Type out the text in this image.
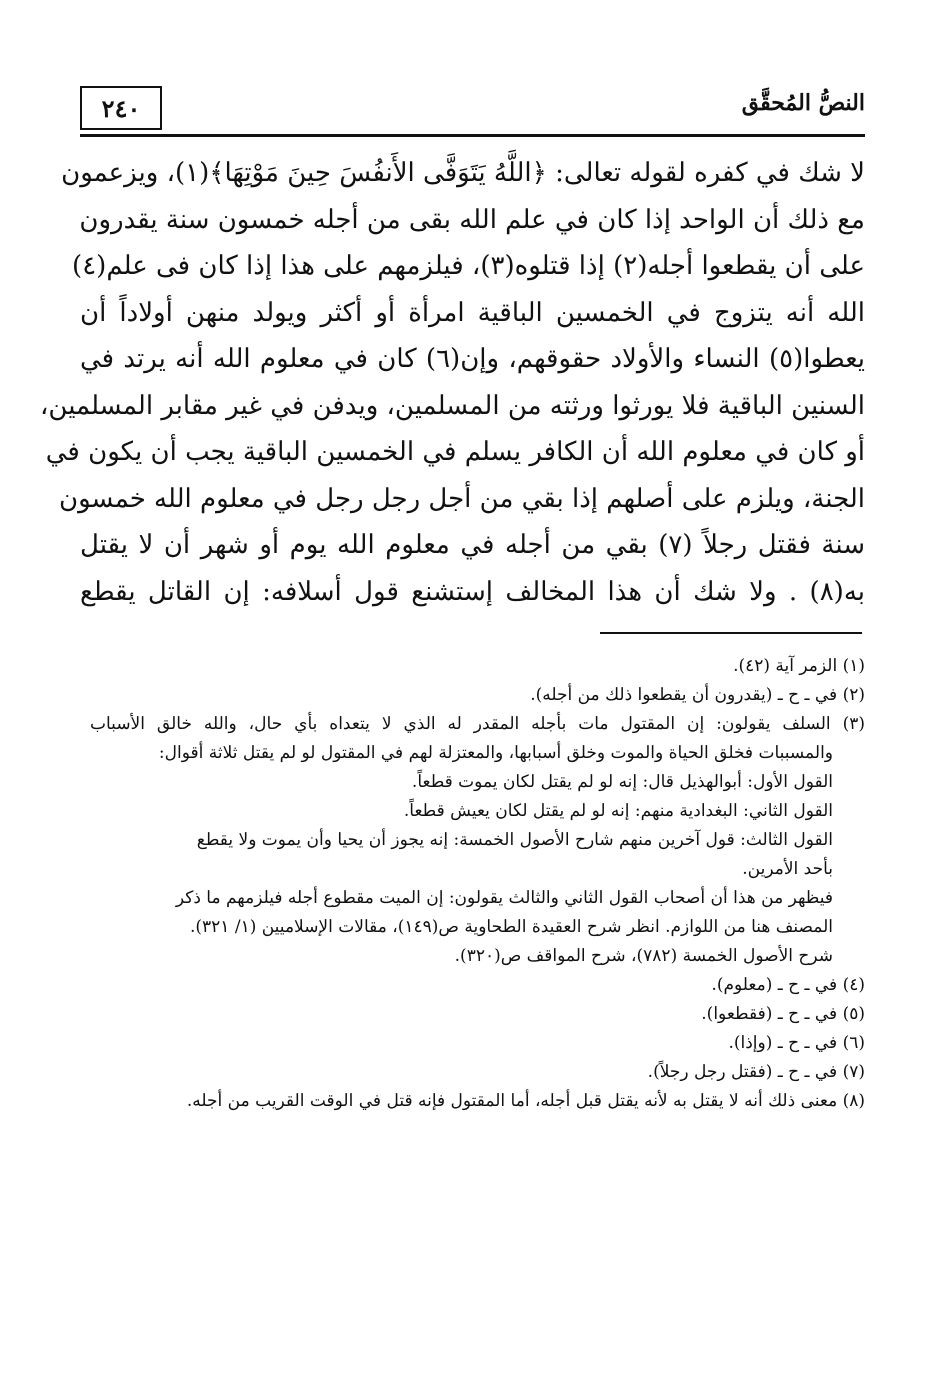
٢٤٠	النصُّ المُحقَّق
لا شك في كفره لقوله تعالى: ﴿اللَّهُ يَتَوَفَّى الأَنفُسَ حِينَ مَوْتِهَا﴾(١)، ويزعمون
مع ذلك أن الواحد إذا كان في علم الله بقى من أجله خمسون سنة يقدرون
على أن يقطعوا أجله(٢) إذا قتلوه(٣)، فيلزمهم على هذا إذا كان فى علم(٤)
الله أنه يتزوج في الخمسين الباقية امرأة أو أكثر ويولد منهن أولاداً أن
يعطوا(٥) النساء والأولاد حقوقهم، وإن(٦) كان في معلوم الله أنه يرتد في
السنين الباقية فلا يورثوا ورثته من المسلمين، ويدفن في غير مقابر المسلمين،
أو كان في معلوم الله أن الكافر يسلم في الخمسين الباقية يجب أن يكون في
الجنة، ويلزم على أصلهم إذا بقي من أجل رجل رجل في معلوم الله خمسون
سنة فقتل رجلاً (٧) بقي من أجله في معلوم الله يوم أو شهر أن لا يقتل
به(٨) . ولا شك أن هذا المخالف إستشنع قول أسلافه: إن القاتل يقطع
(١) الزمر آية (٤٢).
(٢) في ـ ح ـ (يقدرون أن يقطعوا ذلك من أجله).
(٣) السلف يقولون: إن المقتول مات بأجله المقدر له الذي لا يتعداه بأي حال، والله خالق الأسباب
والمسببات فخلق الحياة والموت وخلق أسبابها، والمعتزلة لهم في المقتول لو لم يقتل ثلاثة أقوال:
القول الأول: أبوالهذيل قال: إنه لو لم يقتل لكان يموت قطعاً.
القول الثاني: البغدادية منهم: إنه لو لم يقتل لكان يعيش قطعاً.
القول الثالث: قول آخرين منهم شارح الأصول الخمسة: إنه يجوز أن يحيا وأن يموت ولا يقطع
بأحد الأمرين.
فيظهر من هذا أن أصحاب القول الثاني والثالث يقولون: إن الميت مقطوع أجله فيلزمهم ما ذكر
المصنف هنا من اللوازم. انظر شرح العقيدة الطحاوية ص(١٤٩)، مقالات الإسلاميين (١/ ٣٢١).
شرح الأصول الخمسة (٧٨٢)، شرح المواقف ص(٣٢٠).
(٤) في ـ ح ـ (معلوم).
(٥) في ـ ح ـ (فقطعوا).
(٦) في ـ ح ـ (وإذا).
(٧) في ـ ح ـ (فقتل رجل رجلاً).
(٨) معنى ذلك أنه لا يقتل به لأنه يقتل قبل أجله، أما المقتول فإنه قتل في الوقت القريب من أجله.
